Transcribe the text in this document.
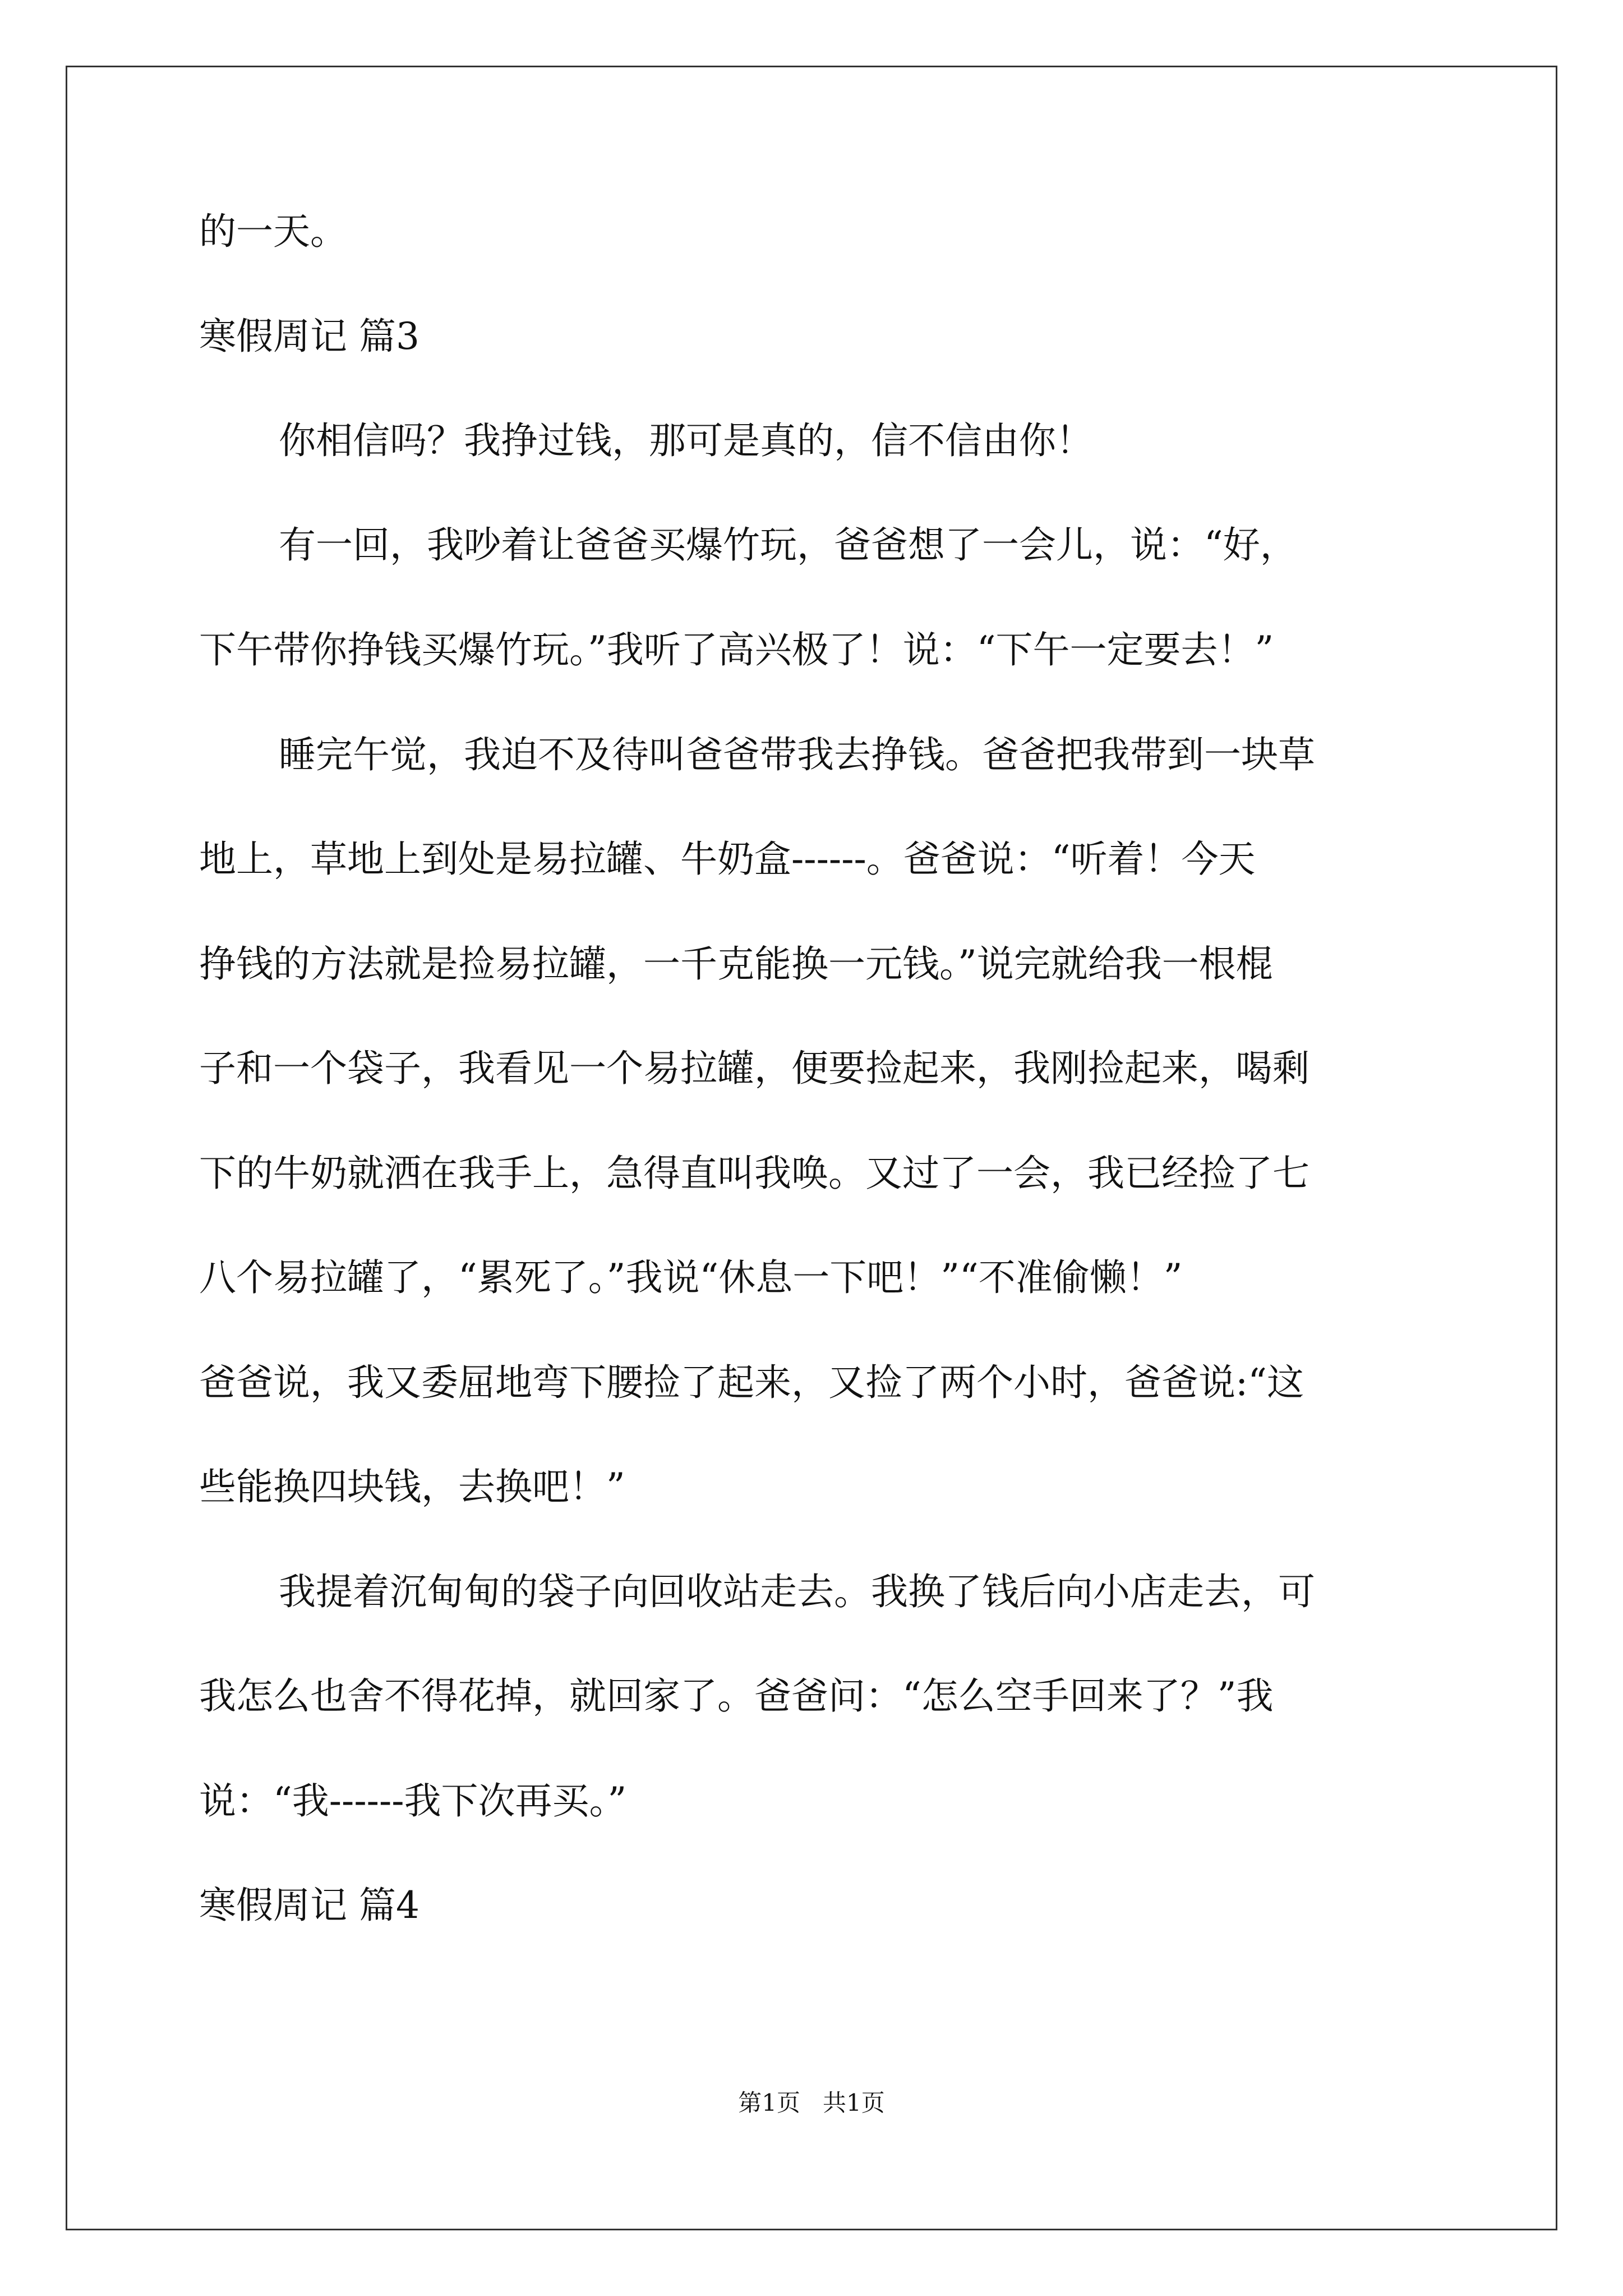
的一天。

寒假周记 篇3

你相信吗？我挣过钱，那可是真的，信不信由你！

有一回，我吵着让爸爸买爆竹玩，爸爸想了一会儿，说：“好，

下午带你挣钱买爆竹玩。”我听了高兴极了！说：“下午一定要去！”

睡完午觉，我迫不及待叫爸爸带我去挣钱。爸爸把我带到一块草

地上，草地上到处是易拉罐、牛奶盒------。爸爸说：“听着！今天

挣钱的方法就是捡易拉罐，一千克能换一元钱。”说完就给我一根棍

子和一个袋子，我看见一个易拉罐，便要捡起来，我刚捡起来，喝剩

下的牛奶就洒在我手上，急得直叫我唤。又过了一会，我已经捡了七

八个易拉罐了，“累死了。”我说“休息一下吧！”“不准偷懒！”

爸爸说，我又委屈地弯下腰捡了起来，又捡了两个小时，爸爸说:“这

些能换四块钱，去换吧！”

我提着沉甸甸的袋子向回收站走去。我换了钱后向小店走去，可

我怎么也舍不得花掉，就回家了。爸爸问：“怎么空手回来了？”我

说：“我------我下次再买。”

寒假周记 篇4

第1页   共1页
